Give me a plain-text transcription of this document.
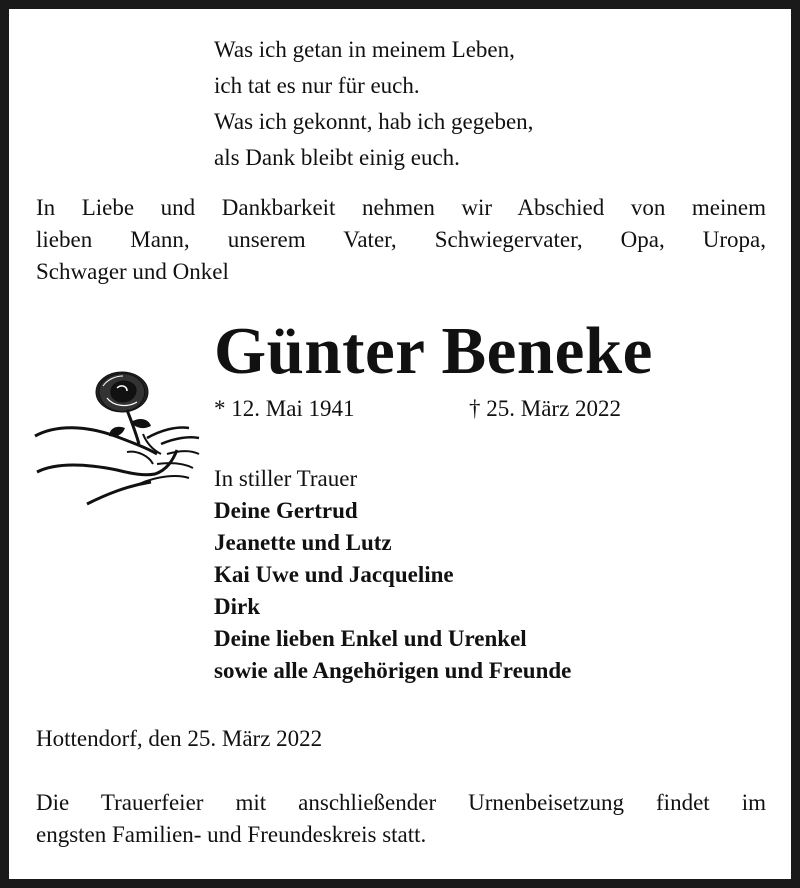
Was ich getan in meinem Leben,
ich tat es nur für euch.
Was ich gekonnt, hab ich gegeben,
als Dank bleibt einig euch.
In Liebe und Dankbarkeit nehmen wir Abschied von meinem
lieben Mann, unserem Vater, Schwiegervater, Opa, Uropa,
Schwager und Onkel
Günter Beneke
* 12. Mai 1941	† 25. März 2022
In stiller Trauer
Deine Gertrud
Jeanette und Lutz
Kai Uwe und Jacqueline
Dirk
Deine lieben Enkel und Urenkel
sowie alle Angehörigen und Freunde
Hottendorf, den 25. März 2022
Die Trauerfeier mit anschließender Urnenbeisetzung findet im
engsten Familien- und Freundeskreis statt.
